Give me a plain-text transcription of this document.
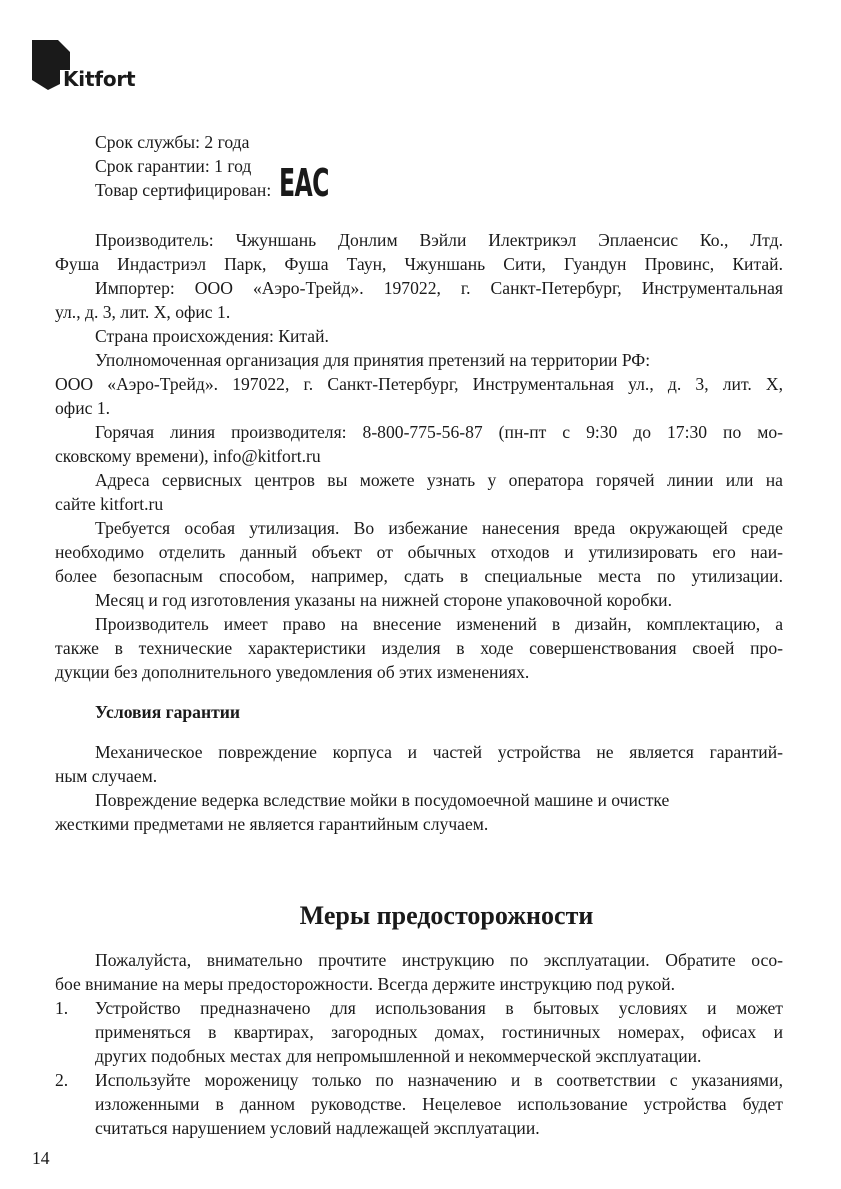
Kitfort
Срок службы: 2 года
Срок гарантии: 1 год
Товар сертифицирован: EAC
Производитель: Чжуншань Донлим Вэйли Илектрикэл Эплаенсис Ко., Лтд.
Фуша Индастриэл Парк, Фуша Таун, Чжуншань Сити, Гуандун Провинс, Китай.
Импортер: ООО «Аэро-Трейд». 197022, г. Санкт-Петербург, Инструментальная
ул., д. 3, лит. Х, офис 1.
Страна происхождения: Китай.
Уполномоченная организация для принятия претензий на территории РФ:
ООО «Аэро-Трейд». 197022, г. Санкт-Петербург, Инструментальная ул., д. 3, лит. Х,
офис 1.
Горячая линия производителя: 8-800-775-56-87 (пн-пт с 9:30 до 17:30 по мо-
сковскому времени), info@kitfort.ru
Адреса сервисных центров вы можете узнать у оператора горячей линии или на
сайте kitfort.ru
Требуется особая утилизация. Во избежание нанесения вреда окружающей среде
необходимо отделить данный объект от обычных отходов и утилизировать его наи-
более безопасным способом, например, сдать в специальные места по утилизации.
Месяц и год изготовления указаны на нижней стороне упаковочной коробки.
Производитель имеет право на внесение изменений в дизайн, комплектацию, а
также в технические характеристики изделия в ходе совершенствования своей про-
дукции без дополнительного уведомления об этих изменениях.
Условия гарантии
Механическое повреждение корпуса и частей устройства не является гарантий-
ным случаем.
Повреждение ведерка вследствие мойки в посудомоечной машине и очистке
жесткими предметами не является гарантийным случаем.
Меры предосторожности
Пожалуйста, внимательно прочтите инструкцию по эксплуатации. Обратите осо-
бое внимание на меры предосторожности. Всегда держите инструкцию под рукой.
1. Устройство предназначено для использования в бытовых условиях и может
применяться в квартирах, загородных домах, гостиничных номерах, офисах и
других подобных местах для непромышленной и некоммерческой эксплуатации.
2. Используйте мороженицу только по назначению и в соответствии с указаниями,
изложенными в данном руководстве. Нецелевое использование устройства будет
считаться нарушением условий надлежащей эксплуатации.
14
